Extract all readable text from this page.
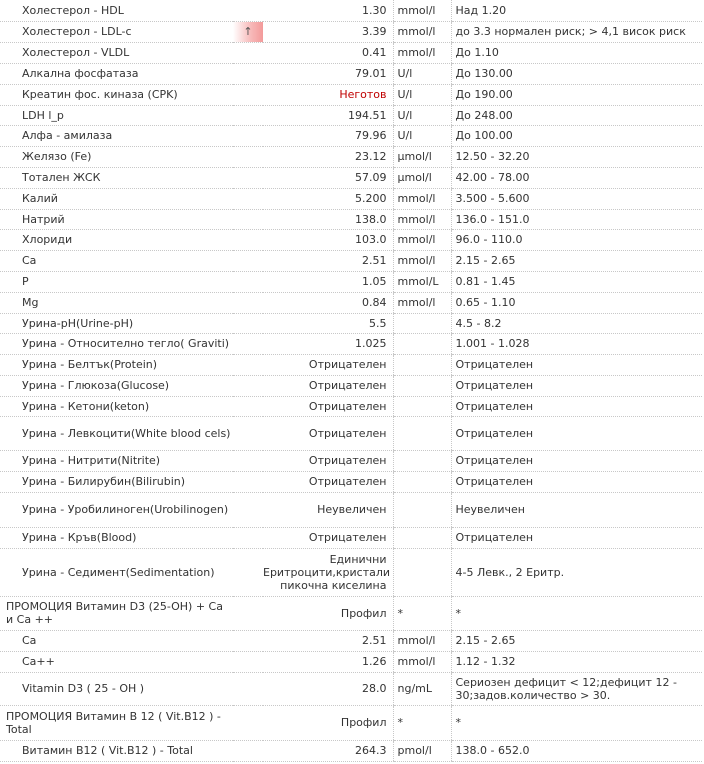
Холестерол - HDL		1.30	mmol/l	Над 1.20
Холестерол - LDL-c	↑	3.39	mmol/l	до 3.3 нормален риск; > 4,1 висок риск
Холестерол - VLDL		0.41	mmol/l	До 1.10
Алкална фосфатаза		79.01	U/l	До 130.00
Креатин фос. киназа (CPK)		Неготов	U/l	До 190.00
LDH l_p		194.51	U/l	До 248.00
Алфа - амилаза		79.96	U/l	До 100.00
Желязо (Fe)		23.12	µmol/l	12.50 - 32.20
Тотален ЖСК		57.09	µmol/l	42.00 - 78.00
Калий		5.200	mmol/l	3.500 - 5.600
Натрий		138.0	mmol/l	136.0 - 151.0
Хлориди		103.0	mmol/l	96.0 - 110.0
Ca		2.51	mmol/l	2.15 - 2.65
P		1.05	mmol/L	0.81 - 1.45
Mg		0.84	mmol/l	0.65 - 1.10
Урина-pH(Urine-pH)		5.5		4.5 - 8.2
Урина - Относително тегло( Graviti)		1.025		1.001 - 1.028
Урина - Белтък(Protein)		Отрицателен		Отрицателен
Урина - Глюкоза(Glucose)		Отрицателен		Отрицателен
Урина - Кетони(keton)		Отрицателен		Отрицателен
Урина - Левкоцити(White blood cels)		Отрицателен		Отрицателен
Урина - Нитрити(Nitrite)		Отрицателен		Отрицателен
Урина - Билирубин(Bilirubin)		Отрицателен		Отрицателен
Урина - Уробилиноген(Urobilinogen)		Неувеличен		Неувеличен
Урина - Кръв(Blood)		Отрицателен		Отрицателен
Урина - Седимент(Sedimentation)		Единични Еритроцити,кристали пикочна киселина		4-5 Левк., 2 Еритр.
ПРОМОЦИЯ Витамин D3 (25-OH) + Ca и Ca ++		Профил	*	*
Ca		2.51	mmol/l	2.15 - 2.65
Ca++		1.26	mmol/l	1.12 - 1.32
Vitamin D3 ( 25 - OH )		28.0	ng/mL	Сериозен дефицит < 12;дефицит 12 - 30;задов.количество > 30.
ПРОМОЦИЯ Витамин В 12 ( Vit.B12 ) - Total		Профил	*	*
Витамин B12 ( Vit.B12 ) - Total		264.3	pmol/l	138.0 - 652.0
